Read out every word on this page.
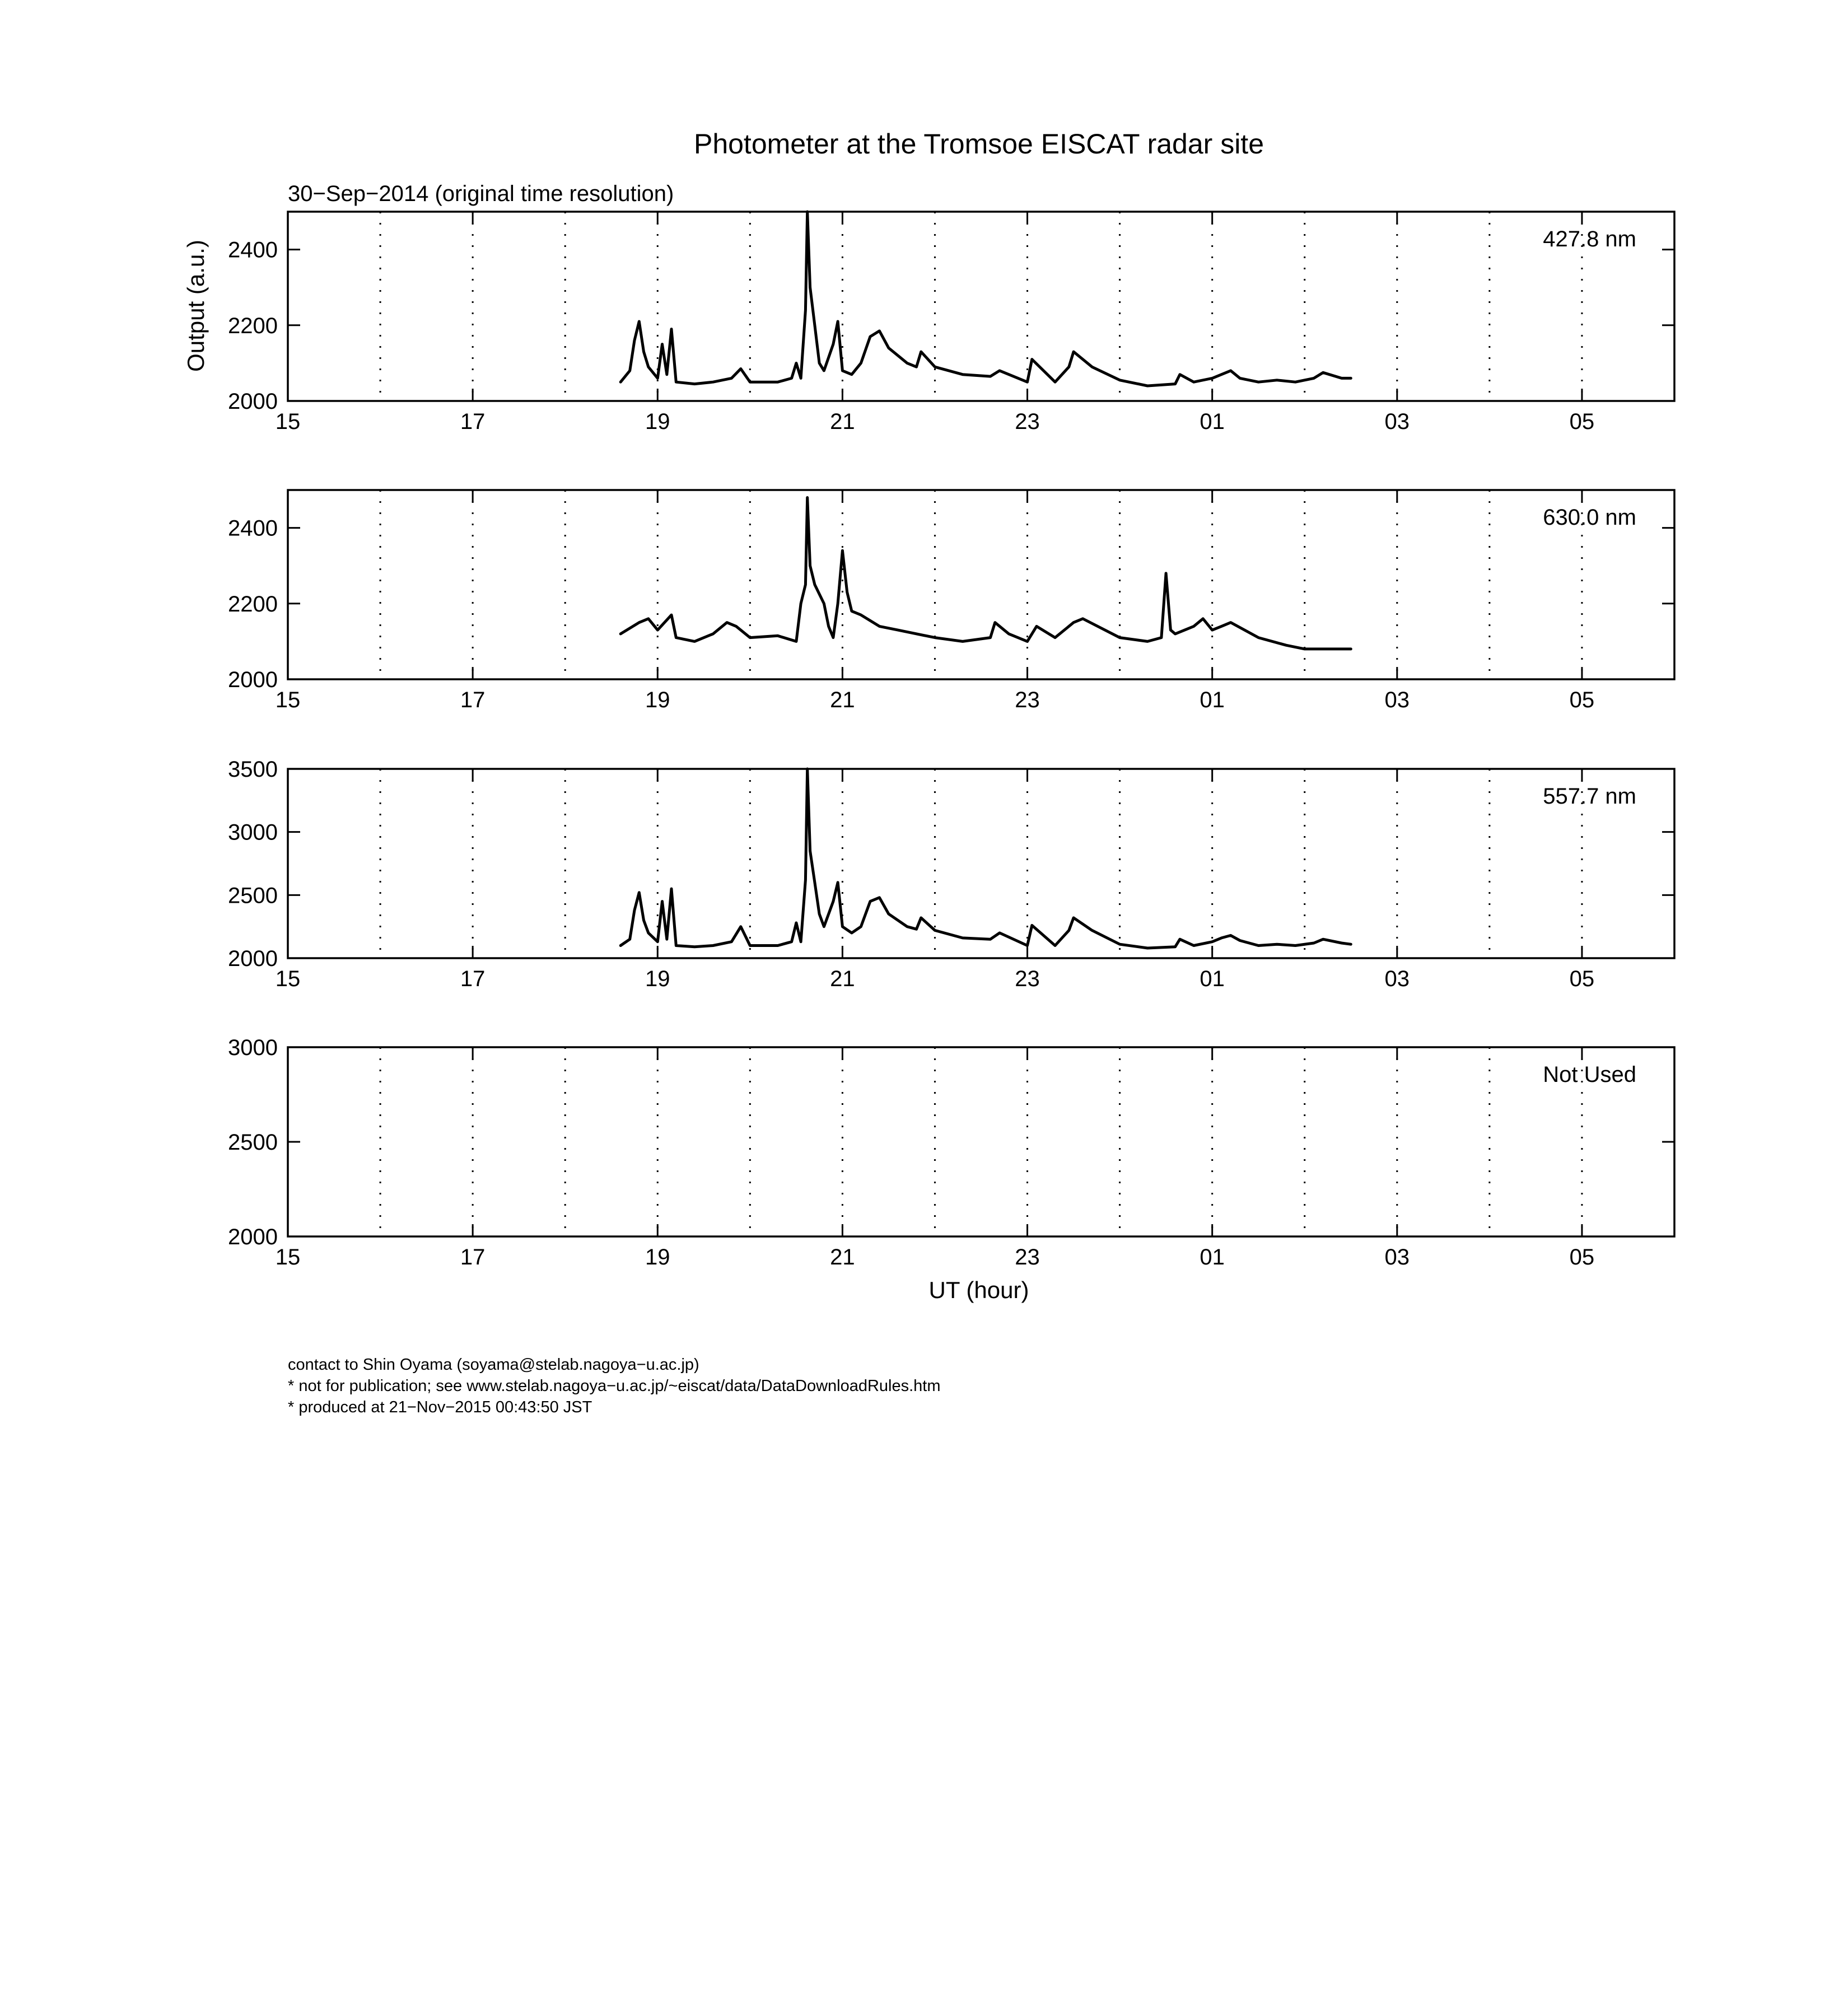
Photometer at the Tromsoe EISCAT radar site
30−Sep−2014 (original time resolution)
Output (a.u.)
UT (hour)
427.8 nm
15	17	19	21	23	01	03	05
2000
2200
2400
630.0 nm
15	17	19	21	23	01	03	05
2000
2200
2400
557.7 nm
15	17	19	21	23	01	03	05
2000
2500
3000
3500
Not Used
15	17	19	21	23	01	03	05
2000
2500
3000
contact to Shin Oyama (soyama@stelab.nagoya−u.ac.jp)
* not for publication; see www.stelab.nagoya−u.ac.jp/~eiscat/data/DataDownloadRules.htm
* produced at 21−Nov−2015 00:43:50 JST
